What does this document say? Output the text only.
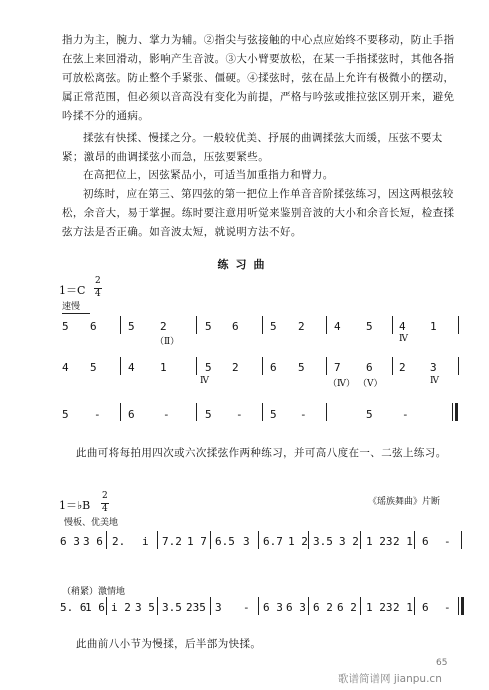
指力为主，腕力、掌力为辅。②指尖与弦接触的中心点应始终不要移动，防止手指在弦上来回滑动，影响产生音波。③大小臂要放松，在某一手指揉弦时，其他各指可放松离弦。防止整个手紧张、僵硬。④揉弦时，弦在品上允许有极微小的摆动，属正常范围，但必须以音高没有变化为前提，严格与吟弦或推拉弦区别开来，避免吟揉不分的通病。

揉弦有快揉、慢揉之分。一般较优美、抒展的曲调揉弦大而缓，压弦不要太紧；激昂的曲调揉弦小而急，压弦要紧些。

在高把位上，因弦紧品小，可适当加重指力和臂力。

初练时，应在第三、第四弦的第一把位上作单音音阶揉弦练习，因这两根弦较松，余音大，易于掌握。练时要注意用听觉来鉴别音波的大小和余音长短，检查揉弦方法是否正确。如音波太短，就说明方法不好。

练习曲
1＝C
2
4
速慢
5 6	5 2
（Ⅱ）
5 6	5 2	4 5 4 1
Ⅳ
4 5	4 1	5 2
Ⅳ
6 5	7 6
（Ⅳ） （Ⅴ）
2 3
Ⅳ
5 - 6	-	5 - 5 -	5	-
此曲可将每拍用四次或六次揉弦作两种练习，并可高八度在一、二弦上练习。
1＝♭B
2
4
《瑶族舞曲》片断
慢板、优美地
6 3 3 6 2. i 7.2 1 7 6.5 3 6.7 1 2 3.5 3 2 1 23 2 1 6 -
（稍紧）激情地
5. 6
1 6 i 2 3 5 3.5 235 3 - 6 3 6 3 6 2 6 2 1 23 2 1 6 -
此曲前八小节为慢揉，后半部为快揉。
65
歌谱简谱网 jianpu.cn
